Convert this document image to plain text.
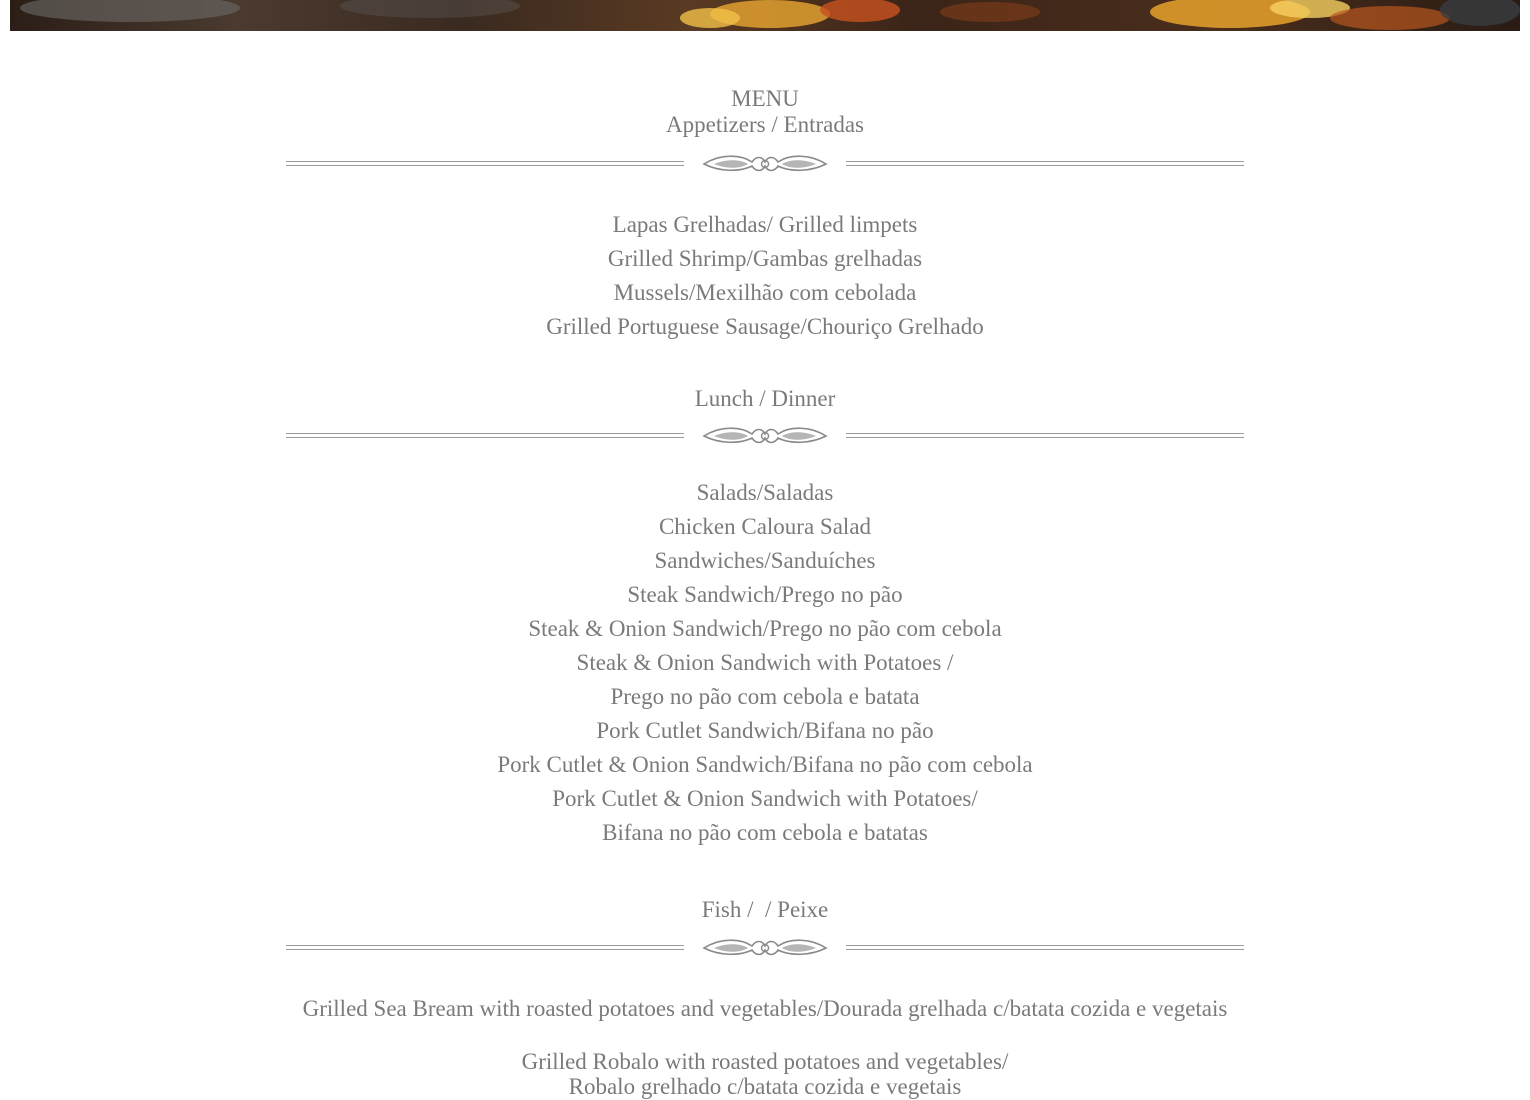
MENU
Appetizers / Entradas
Lapas Grelhadas/ Grilled limpets
Grilled Shrimp/Gambas grelhadas
Mussels/Mexilhão com cebolada
Grilled Portuguese Sausage/Chouriço Grelhado
Lunch / Dinner
Salads/Saladas
Chicken Caloura Salad
Sandwiches/Sanduíches
Steak Sandwich/Prego no pão
Steak & Onion Sandwich/Prego no pão com cebola
Steak & Onion Sandwich with Potatoes /
Prego no pão com cebola e batata
Pork Cutlet Sandwich/Bifana no pão
Pork Cutlet & Onion Sandwich/Bifana no pão com cebola
Pork Cutlet & Onion Sandwich with Potatoes/
Bifana no pão com cebola e batatas
Fish /  / Peixe
Grilled Sea Bream with roasted potatoes and vegetables/Dourada grelhada c/batata cozida e vegetais
Grilled Robalo with roasted potatoes and vegetables/
Robalo grelhado c/batata cozida e vegetais
